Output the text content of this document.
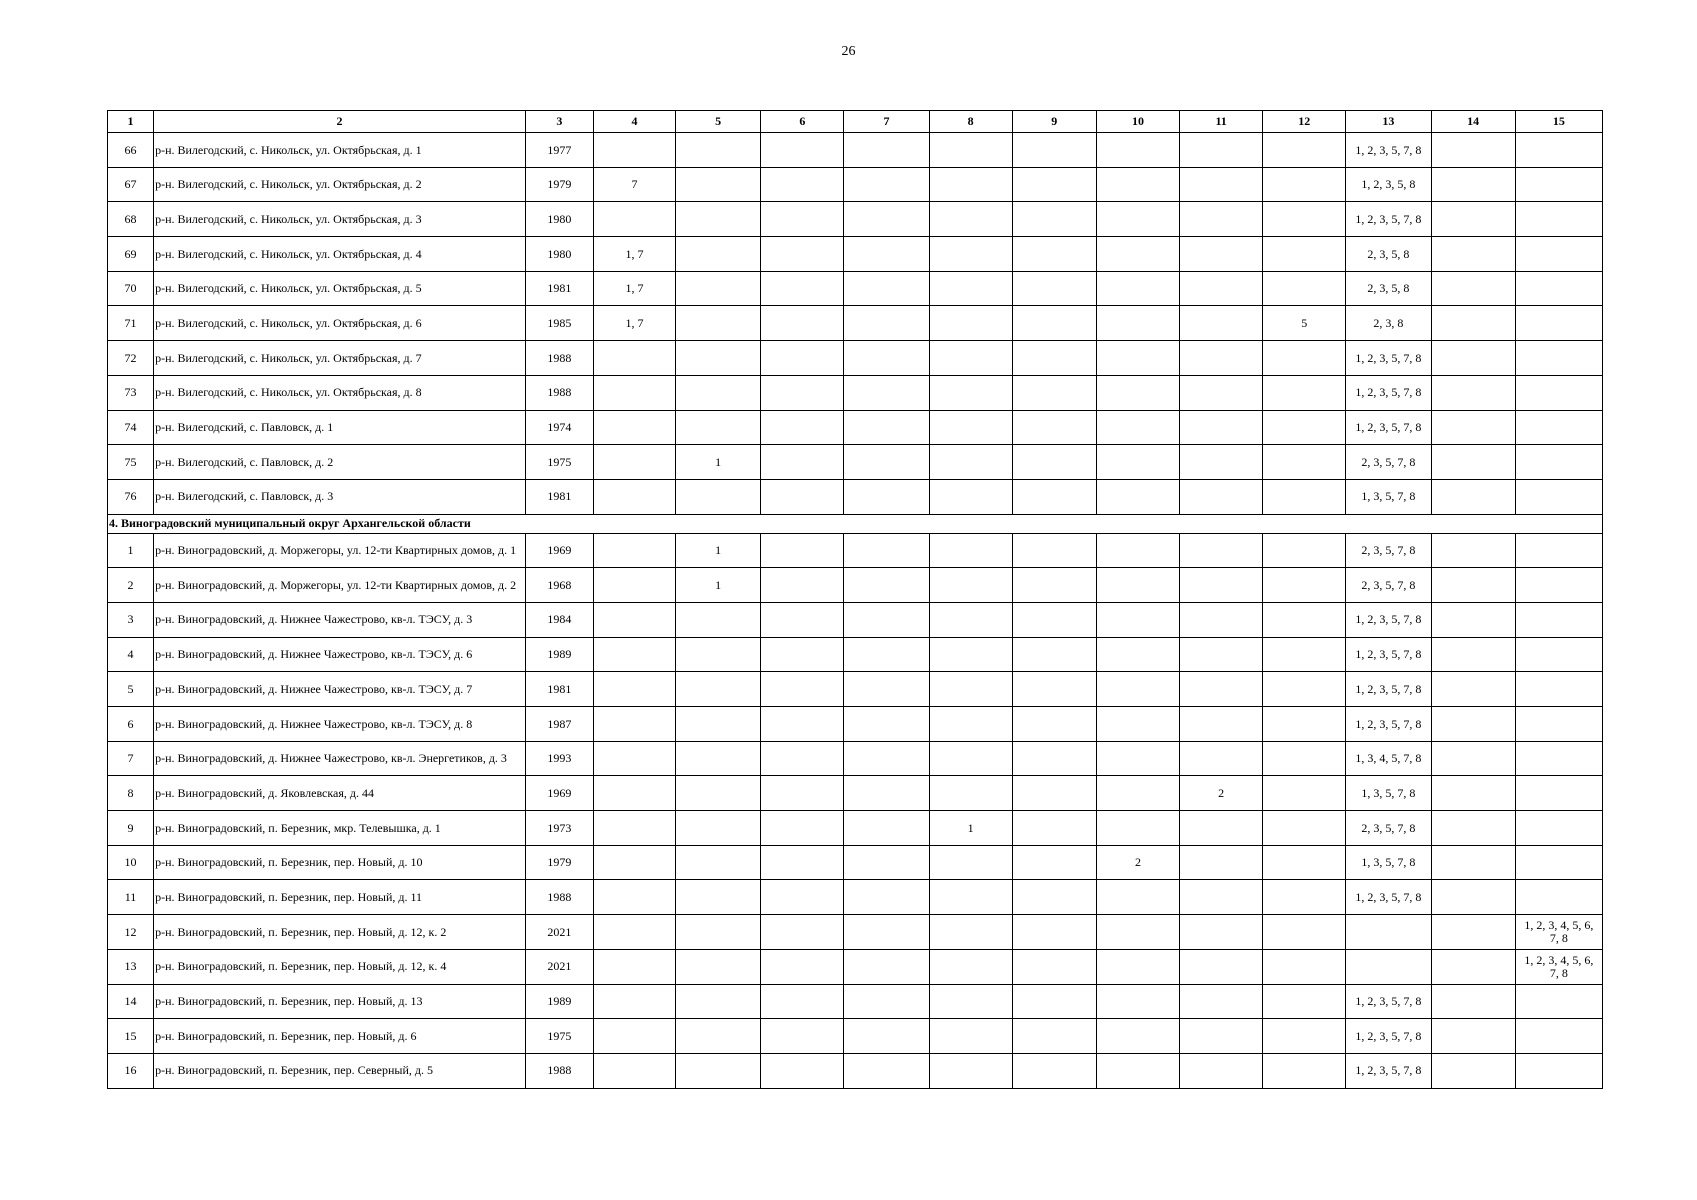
26
1	2	3	4	5	6	7	8	9	10	11	12	13	14	15
66	р-н. Вилегодский, с. Никольск, ул. Октябрьская, д. 1	1977										1, 2, 3, 5, 7, 8		
67	р-н. Вилегодский, с. Никольск, ул. Октябрьская, д. 2	1979	7									1, 2, 3, 5, 8		
68	р-н. Вилегодский, с. Никольск, ул. Октябрьская, д. 3	1980										1, 2, 3, 5, 7, 8		
69	р-н. Вилегодский, с. Никольск, ул. Октябрьская, д. 4	1980	1, 7									2, 3, 5, 8		
70	р-н. Вилегодский, с. Никольск, ул. Октябрьская, д. 5	1981	1, 7									2, 3, 5, 8		
71	р-н. Вилегодский, с. Никольск, ул. Октябрьская, д. 6	1985	1, 7								5	2, 3, 8		
72	р-н. Вилегодский, с. Никольск, ул. Октябрьская, д. 7	1988										1, 2, 3, 5, 7, 8		
73	р-н. Вилегодский, с. Никольск, ул. Октябрьская, д. 8	1988										1, 2, 3, 5, 7, 8		
74	р-н. Вилегодский, с. Павловск, д. 1	1974										1, 2, 3, 5, 7, 8		
75	р-н. Вилегодский, с. Павловск, д. 2	1975		1								2, 3, 5, 7, 8		
76	р-н. Вилегодский, с. Павловск, д. 3	1981										1, 3, 5, 7, 8		
4. Виноградовский муниципальный округ Архангельской области														
1	р-н. Виноградовский, д. Моржегоры, ул. 12-ти Квартирных домов, д. 1	1969		1								2, 3, 5, 7, 8		
2	р-н. Виноградовский, д. Моржегоры, ул. 12-ти Квартирных домов, д. 2	1968		1								2, 3, 5, 7, 8		
3	р-н. Виноградовский, д. Нижнее Чажестрово, кв-л. ТЭСУ, д. 3	1984										1, 2, 3, 5, 7, 8		
4	р-н. Виноградовский, д. Нижнее Чажестрово, кв-л. ТЭСУ, д. 6	1989										1, 2, 3, 5, 7, 8		
5	р-н. Виноградовский, д. Нижнее Чажестрово, кв-л. ТЭСУ, д. 7	1981										1, 2, 3, 5, 7, 8		
6	р-н. Виноградовский, д. Нижнее Чажестрово, кв-л. ТЭСУ, д. 8	1987										1, 2, 3, 5, 7, 8		
7	р-н. Виноградовский, д. Нижнее Чажестрово, кв-л. Энергетиков, д. 3	1993										1, 3, 4, 5, 7, 8		
8	р-н. Виноградовский, д. Яковлевская, д. 44	1969								2		1, 3, 5, 7, 8		
9	р-н. Виноградовский, п. Березник, мкр. Телевышка, д. 1	1973					1					2, 3, 5, 7, 8		
10	р-н. Виноградовский, п. Березник, пер. Новый, д. 10	1979							2			1, 3, 5, 7, 8		
11	р-н. Виноградовский, п. Березник, пер. Новый, д. 11	1988										1, 2, 3, 5, 7, 8		
12	р-н. Виноградовский, п. Березник, пер. Новый, д. 12, к. 2	2021												1, 2, 3, 4, 5, 6, 7, 8
13	р-н. Виноградовский, п. Березник, пер. Новый, д. 12, к. 4	2021												1, 2, 3, 4, 5, 6, 7, 8
14	р-н. Виноградовский, п. Березник, пер. Новый, д. 13	1989										1, 2, 3, 5, 7, 8		
15	р-н. Виноградовский, п. Березник, пер. Новый, д. 6	1975										1, 2, 3, 5, 7, 8		
16	р-н. Виноградовский, п. Березник, пер. Северный, д. 5	1988										1, 2, 3, 5, 7, 8		
